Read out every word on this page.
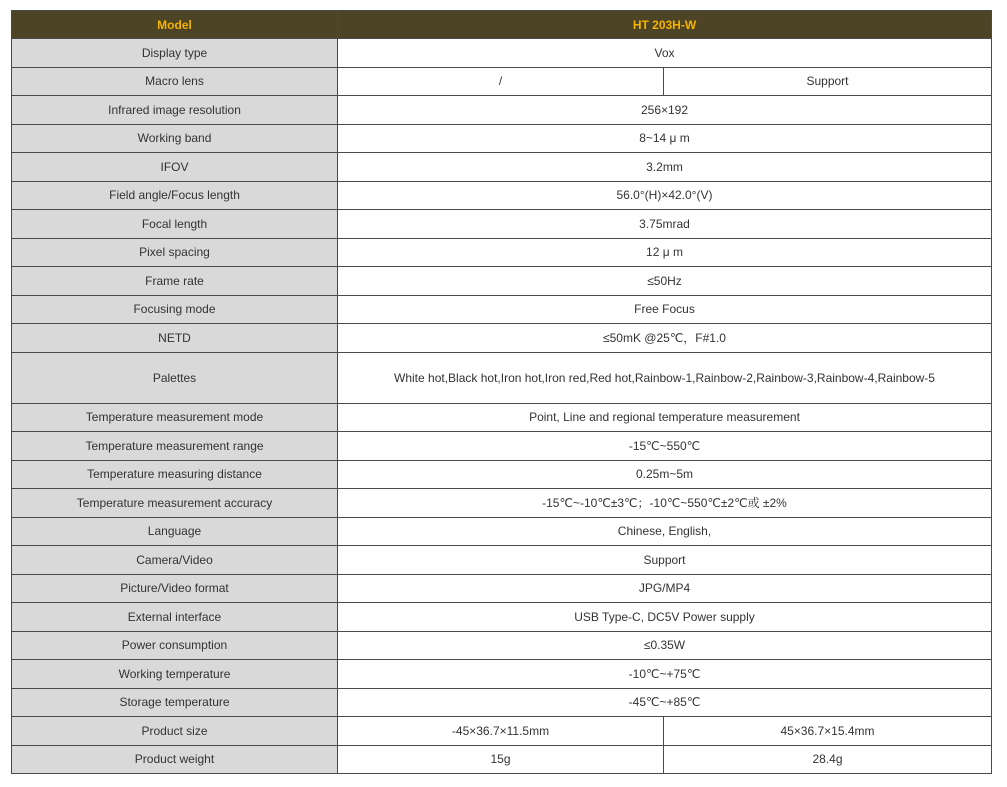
Model	HT 203H-W	
Display type	Vox	
Macro lens	/	Support
Infrared image resolution	256×192	
Working band	8~14 μ m	
IFOV	3.2mm	
Field angle/Focus length	56.0°(H)×42.0°(V)	
Focal length	3.75mrad	
Pixel spacing	12 μ m	
Frame rate	≤50Hz	
Focusing mode	Free Focus	
NETD	≤50mK @25℃，F#1.0	
Palettes	White hot,Black hot,Iron hot,Iron red,Red hot,Rainbow-1,Rainbow-2,Rainbow-3,Rainbow-4,Rainbow-5	
Temperature measurement mode	Point, Line and regional temperature measurement	
Temperature measurement range	-15℃~550℃	
Temperature measuring distance	0.25m~5m	
Temperature measurement accuracy	-15℃~-10℃±3℃；-10℃~550℃±2℃或 ±2%	
Language	Chinese, English,	
Camera/Video	Support	
Picture/Video format	JPG/MP4	
External interface	USB Type-C, DC5V Power supply	
Power consumption	≤0.35W	
Working temperature	-10℃~+75℃	
Storage temperature	-45℃~+85℃	
Product size	-45×36.7×11.5mm	45×36.7×15.4mm
Product weight	15g	28.4g
